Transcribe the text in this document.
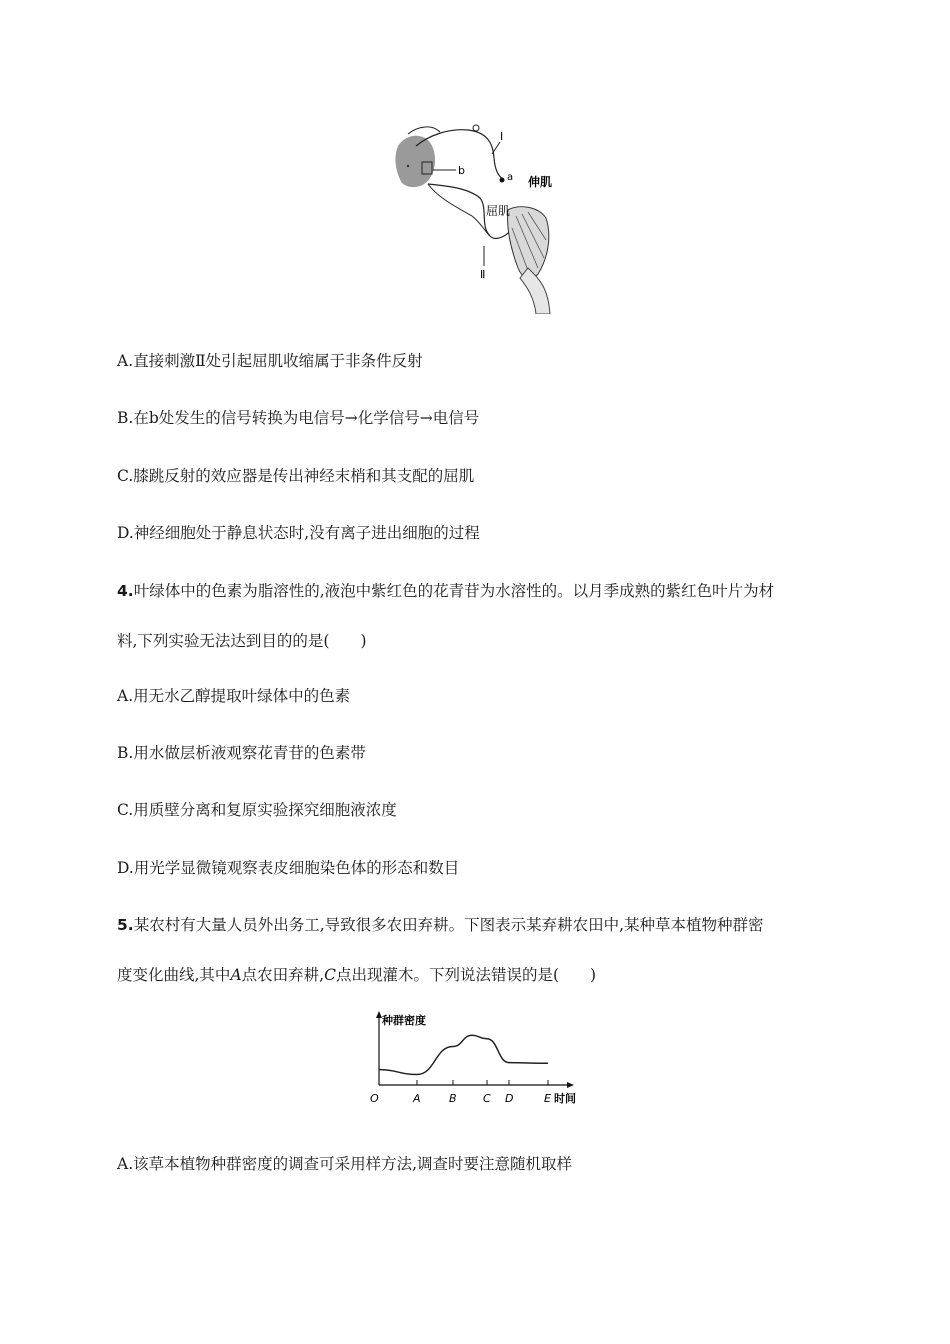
b
I
a
Ⅱ
伸肌
屈肌
A.直接刺激Ⅱ处引起屈肌收缩属于非条件反射
B.在b处发生的信号转换为电信号→化学信号→电信号
C.膝跳反射的效应器是传出神经末梢和其支配的屈肌
D.神经细胞处于静息状态时,没有离子进出细胞的过程
4.叶绿体中的色素为脂溶性的,液泡中紫红色的花青苷为水溶性的。以月季成熟的紫红色叶片为材
料,下列实验无法达到目的的是(　　)
A.用无水乙醇提取叶绿体中的色素
B.用水做层析液观察花青苷的色素带
C.用质壁分离和复原实验探究细胞液浓度
D.用光学显微镜观察表皮细胞染色体的形态和数目
5.某农村有大量人员外出务工,导致很多农田弃耕。下图表示某弃耕农田中,某种草本植物种群密
度变化曲线,其中A点农田弃耕,C点出现灌木。下列说法错误的是(　　)
种群密度
时间
O	A	B C D	E
A.该草本植物种群密度的调查可采用样方法,调查时要注意随机取样
